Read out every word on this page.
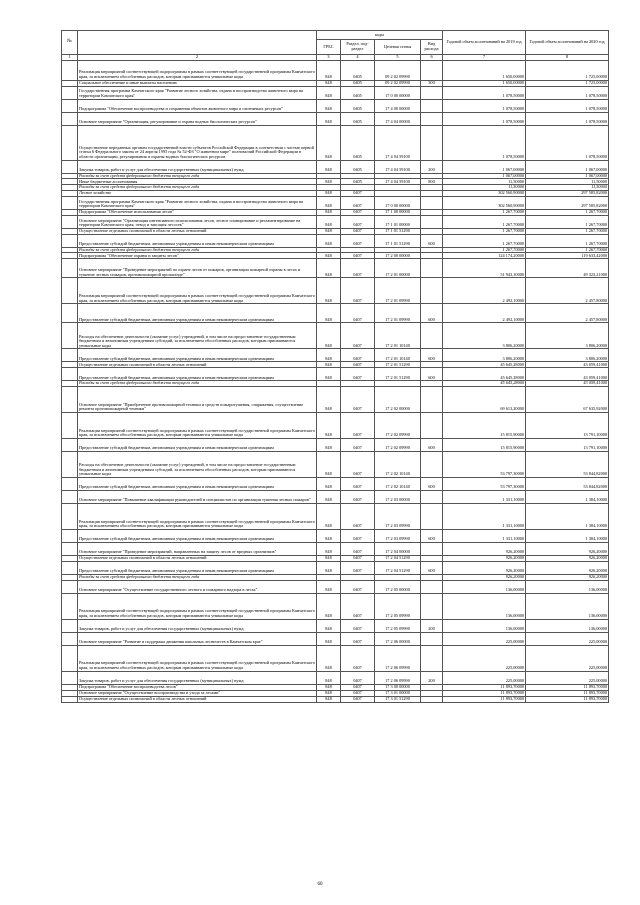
№		коды				Годовой объем ассигнований на 2019 год	Годовой объем ассигнований на 2020 год
		ГРБС	Раздел, под-раздел	Целевая статья	Вид расхода		
1	2	3	4	5	6	7	8
	Реализация мероприятий соответствующей подпрограммы в рамках соответствующей государственной программы Камчатского края, за исключением обособленных расходов, которым присваиваются уникальные коды	848	0405	09 2 02 09990		1 650,00000	1 725,00000
	Социальное обеспечение и иные выплаты населению	848	0405	09 2 02 09990	300	1 650,00000	1 725,00000
	Государственная программа Камчатского края "Развитие лесного хозяйства, охрана и воспроизводство животного мира на территории Камчатского края"	848	0405	17 0 00 00000		1 078,50000	1 078,50000
	Подпрограмма "Обеспечение воспроизводства и сохранения объектов животного мира и охотничьих ресурсов"	848	0405	17 4 00 00000		1 078,50000	1 078,50000
	Основное мероприятие "Организация, регулирование и охрана водных биологических ресурсов"	848	0405	17 4 04 00000		1 078,50000	1 078,50000
	Осуществление переданных органам государственной власти субъектов Российской Федерации в соответствии с частью первой статьи 6 Федерального закона от 24 апреля 1995 года № 52-ФЗ "О животном мире" полномочий Российской Федерации в области организации, регулирования и охраны водных биологических ресурсов	848	0405	17 4 04 59100		1 078,50000	1 078,50000
	Закупка товаров, работ и услуг для обеспечения государственных (муниципальных) нужд	848	0405	17 4 04 59100	200	1 067,00000	1 067,00000
	Расходы за счет средств федерального бюджета текущего года					1 067,00000	1 067,00000
	Иные бюджетные ассигнования	848	0405	17 4 04 59100	800	11,50000	11,50000
	Расходы за счет средств федерального бюджета текущего года					11,50000	11,50000
	Лесное хозяйство	848	0407			302 560,90000	297 585,82000
	Государственная программа Камчатского края "Развитие лесного хозяйства, охрана и воспроизводство животного мира на территории Камчатского края"	848	0407	17 0 00 00000		302 560,90000	297 585,82000
	Подпрограмма "Обеспечение использования лесов"	848	0407	17 1 00 00000		1 267,70000	1 267,70000
	Основное мероприятие "Организация интенсивного использования лесов, лесное планирование и регламентирование на территории Камчатского края, отвод и таксация лесосек"	848	0407	17 1 01 00000		1 267,70000	1 267,70000
	Осуществление отдельных полномочий в области лесных отношений	848	0407	17 1 01 51290		1 267,70000	1 267,70000
	Предоставление субсидий бюджетным, автономным учреждениям и иным некоммерческим организациям	848	0407	17 1 01 51290	600	1 267,70000	1 267,70000
	Расходы за счет средств федерального бюджета текущего года					1 267,70000	1 267,70000
	Подпрограмма "Обеспечение охраны и защиты лесов"	848	0407	17 2 00 00000		124 174,20000	119 633,42000
	Основное мероприятие "Проведение мероприятий по охране лесов от пожаров, организации пожарной охраны в лесах и тушение лесных пожаров, противопожарной пропаганде"	848	0407	17 2 01 00000		51 943,10000	49 323,21000
	Реализация мероприятий соответствующей подпрограммы в рамках соответствующей государственной программы Камчатского края, за исключением обособленных расходов, которым присваиваются уникальные коды	848	0407	17 2 01 09990		2 492,10000	2 457,80000
	Предоставление субсидий бюджетным, автономным учреждениям и иным некоммерческим организациям	848	0407	17 2 01 09990	600	2 492,10000	2 457,80000
	Расходы на обеспечение деятельности (оказание услуг) учреждений, в том числе на предоставление государственным бюджетным и автономным учреждениям субсидий, за исключением обособленных расходов, которым присваиваются уникальные коды	848	0407	17 2 01 10140		3 806,20000	3 806,20000
	Предоставление субсидий бюджетным, автономным учреждениям и иным некоммерческим организациям	848	0407	17 2 01 10140	600	3 806,20000	3 806,20000
	Осуществление отдельных полномочий в области лесных отношений	848	0407	17 2 01 51290		45 645,28000	43 059,41000
	Предоставление субсидий бюджетным, автономным учреждениям и иным некоммерческим организациям	848	0407	17 2 01 51290	600	45 645,28000	43 059,41000
	Расходы за счет средств федерального бюджета текущего года					45 645,28000	43 059,41000
	Основное мероприятие "Приобретение противопожарной техники и средств пожаротушения, снаряжения, осуществление ремонта противопожарной техники"	848	0407	17 2 02 00000		69 613,20000	67 635,92000
	Реализация мероприятий соответствующей подпрограммы в рамках соответствующей государственной программы Камчатского края, за исключением обособленных расходов, которым присваиваются уникальные коды	848	0407	17 2 02 09990		15 815,90000	13 791,10000
	Предоставление субсидий бюджетным, автономным учреждениям и иным некоммерческим организациям	848	0407	17 2 02 09990	600	15 815,90000	13 791,10000
	Расходы на обеспечение деятельности (оказание услуг) учреждений, в том числе на предоставление государственным бюджетным и автономным учреждениям субсидий, за исключением обособленных расходов, которым присваиваются уникальные коды	848	0407	17 2 02 10140		53 797,30000	53 844,82000
	Предоставление субсидий бюджетным, автономным учреждениям и иным некоммерческим организациям	848	0407	17 2 02 10140	600	53 797,30000	53 844,82000
	Основное мероприятие "Повышение квалификации руководителей и специалистов по организации тушения лесных пожаров"	848	0407	17 2 03 00000		1 331,10000	1 384,10000
	Реализация мероприятий соответствующей подпрограммы в рамках соответствующей государственной программы Камчатского края, за исключением обособленных расходов, которым присваиваются уникальные коды	848	0407	17 2 03 09990		1 331,10000	1 384,10000
	Предоставление субсидий бюджетным, автономным учреждениям и иным некоммерческим организациям	848	0407	17 2 03 09990	600	1 331,10000	1 384,10000
	Основное мероприятие "Проведение мероприятий, направленных на защиту лесов от вредных организмов"	848	0407	17 2 04 00000		926,20000	926,20000
	Осуществление отдельных полномочий в области лесных отношений	848	0407	17 2 04 51290		926,20000	926,20000
	Предоставление субсидий бюджетным, автономным учреждениям и иным некоммерческим организациям	848	0407	17 2 04 51290	600	926,20000	926,20000
	Расходы за счет средств федерального бюджета текущего года					926,20000	926,20000
	Основное мероприятие "Осуществление государственного лесного и пожарного надзора в лесах"	848	0407	17 2 05 00000		136,00000	136,00000
	Реализация мероприятий соответствующей подпрограммы в рамках соответствующей государственной программы Камчатского края, за исключением обособленных расходов, которым присваиваются уникальные коды	848	0407	17 2 05 09990		136,00000	136,00000
	Закупка товаров, работ и услуг для обеспечения государственных (муниципальных) нужд	848	0407	17 2 05 09990	200	136,00000	136,00000
	Основное мероприятие "Развитие и поддержка движения школьных лесничеств в Камчатском крае"	848	0407	17 2 06 00000		225,00000	225,00000
	Реализация мероприятий соответствующей подпрограммы в рамках соответствующей государственной программы Камчатского края, за исключением обособленных расходов, которым присваиваются уникальные коды	848	0407	17 2 06 09990		225,00000	225,00000
	Закупка товаров, работ и услуг для обеспечения государственных (муниципальных) нужд	848	0407	17 2 06 09990	200	225,00000	225,00000
	Подпрограмма "Обеспечение воспроизводства лесов"	848	0407	17 3 00 00000		11 893,70000	11 893,70000
	Основное мероприятие "Осуществление воспроизводства и ухода за лесами"	848	0407	17 3 01 00000		11 893,70000	11 893,70000
	Осуществление отдельных полномочий в области лесных отношений	848	0407	17 3 01 51290		11 893,70000	11 893,70000
60
